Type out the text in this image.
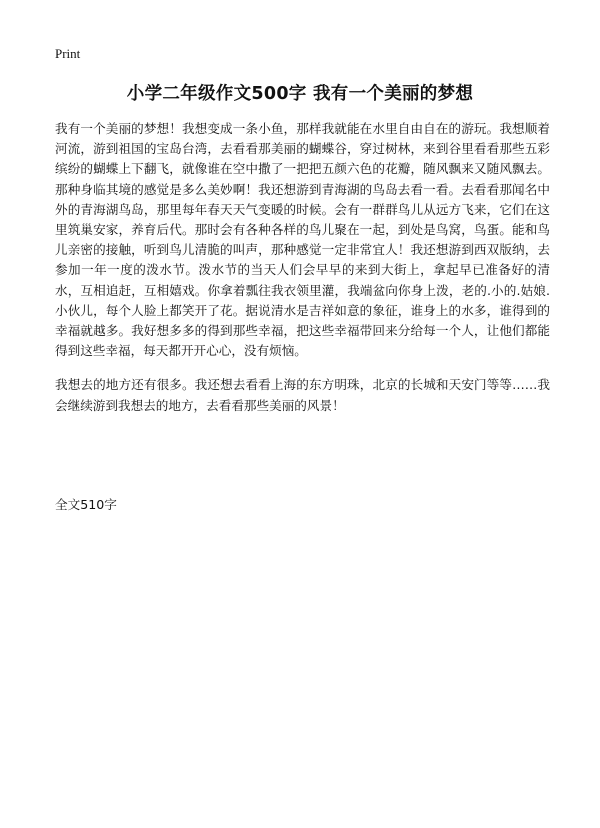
Print
小学二年级作文500字 我有一个美丽的梦想

我有一个美丽的梦想！我想变成一条小鱼，那样我就能在水里自由自在的游玩。我想顺着河流，游到祖国的宝岛台湾，去看看那美丽的蝴蝶谷，穿过树林，来到谷里看看那些五彩缤纷的蝴蝶上下翻飞，就像谁在空中撒了一把把五颜六色的花瓣，随风飘来又随风飘去。那种身临其境的感觉是多么美妙啊！我还想游到青海湖的鸟岛去看一看。去看看那闻名中外的青海湖鸟岛，那里每年春天天气变暖的时候。会有一群群鸟儿从远方飞来，它们在这里筑巢安家，养育后代。那时会有各种各样的鸟儿聚在一起，到处是鸟窝，鸟蛋。能和鸟儿亲密的接触，听到鸟儿清脆的叫声，那种感觉一定非常宜人！我还想游到西双版纳，去参加一年一度的泼水节。泼水节的当天人们会早早的来到大街上，拿起早已准备好的清水，互相追赶，互相嬉戏。你拿着瓢往我衣领里灌，我端盆向你身上泼，老的.小的.姑娘.小伙儿，每个人脸上都笑开了花。据说清水是吉祥如意的象征，谁身上的水多，谁得到的幸福就越多。我好想多多的得到那些幸福，把这些幸福带回来分给每一个人，让他们都能得到这些幸福，每天都开开心心，没有烦恼。

我想去的地方还有很多。我还想去看看上海的东方明珠，北京的长城和天安门等等……我会继续游到我想去的地方，去看看那些美丽的风景！

全文510字
